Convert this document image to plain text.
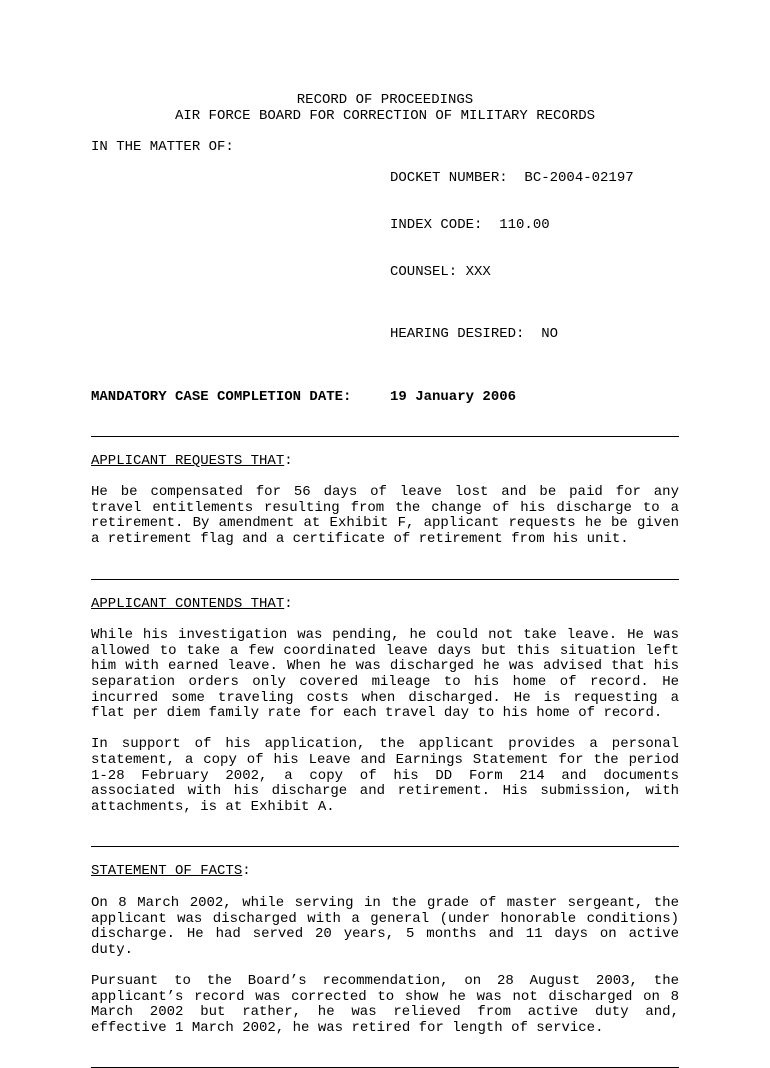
RECORD OF PROCEEDINGS
AIR FORCE BOARD FOR CORRECTION OF MILITARY RECORDS
IN THE MATTER OF:

DOCKET NUMBER:  BC-2004-02197

INDEX CODE:  110.00

COUNSEL: XXX

HEARING DESIRED:  NO

MANDATORY CASE COMPLETION DATE:	19 January 2006
APPLICANT REQUESTS THAT:

He be compensated for 56 days of leave lost and be paid for any travel entitlements resulting from the change of his discharge to a retirement. By amendment at Exhibit F, applicant requests he be given a retirement flag and a certificate of retirement from his unit.

APPLICANT CONTENDS THAT:

While his investigation was pending, he could not take leave. He was allowed to take a few coordinated leave days but this situation left him with earned leave. When he was discharged he was advised that his separation orders only covered mileage to his home of record. He incurred some traveling costs when discharged. He is requesting a flat per diem family rate for each travel day to his home of record.

In support of his application, the applicant provides a personal statement, a copy of his Leave and Earnings Statement for the period 1-28 February 2002, a copy of his DD Form 214 and documents associated with his discharge and retirement. His submission, with attachments, is at Exhibit A.

STATEMENT OF FACTS:

On 8 March 2002, while serving in the grade of master sergeant, the applicant was discharged with a general (under honorable conditions) discharge. He had served 20 years, 5 months and 11 days on active duty.

Pursuant to the Board’s recommendation, on 28 August 2003, the applicant’s record was corrected to show he was not discharged on 8 March 2002 but rather, he was relieved from active duty and, effective 1 March 2002, he was retired for length of service.
